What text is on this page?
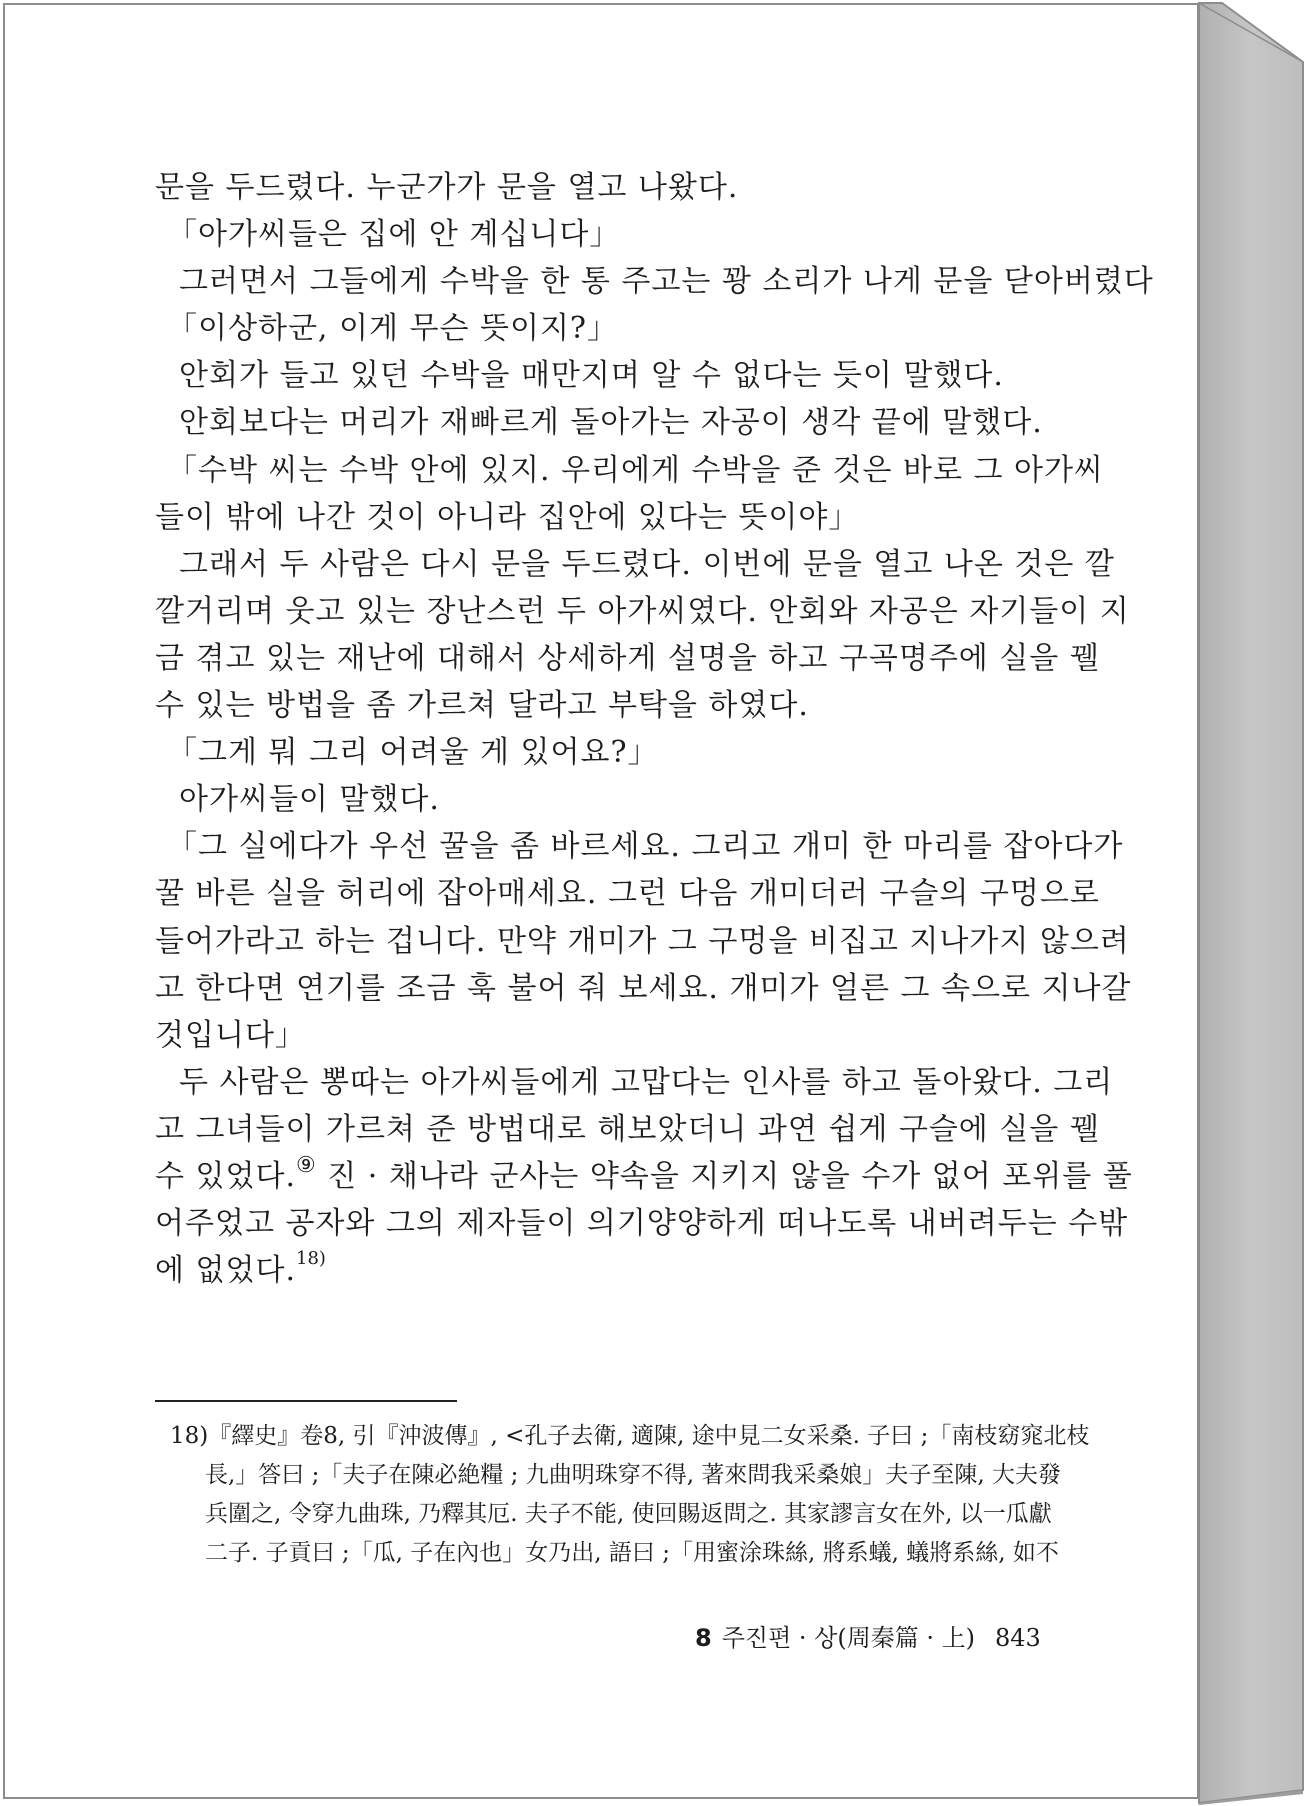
문을 두드렸다. 누군가가 문을 열고 나왔다.
「아가씨들은 집에 안 계십니다」
그러면서 그들에게 수박을 한 통 주고는 꽝 소리가 나게 문을 닫아버렸다
「이상하군, 이게 무슨 뜻이지?」
안회가 들고 있던 수박을 매만지며 알 수 없다는 듯이 말했다.
안회보다는 머리가 재빠르게 돌아가는 자공이 생각 끝에 말했다.
「수박 씨는 수박 안에 있지. 우리에게 수박을 준 것은 바로 그 아가씨
들이 밖에 나간 것이 아니라 집안에 있다는 뜻이야」
그래서 두 사람은 다시 문을 두드렸다. 이번에 문을 열고 나온 것은 깔
깔거리며 웃고 있는 장난스런 두 아가씨였다. 안회와 자공은 자기들이 지
금 겪고 있는 재난에 대해서 상세하게 설명을 하고 구곡명주에 실을 꿸
수 있는 방법을 좀 가르쳐 달라고 부탁을 하였다.
「그게 뭐 그리 어려울 게 있어요?」
아가씨들이 말했다.
「그 실에다가 우선 꿀을 좀 바르세요. 그리고 개미 한 마리를 잡아다가
꿀 바른 실을 허리에 잡아매세요. 그런 다음 개미더러 구슬의 구멍으로
들어가라고 하는 겁니다. 만약 개미가 그 구멍을 비집고 지나가지 않으려
고 한다면 연기를 조금 훅 불어 줘 보세요. 개미가 얼른 그 속으로 지나갈
것입니다」
두 사람은 뽕따는 아가씨들에게 고맙다는 인사를 하고 돌아왔다. 그리
고 그녀들이 가르쳐 준 방법대로 해보았더니 과연 쉽게 구슬에 실을 꿸
수 있었다.⑨ 진 · 채나라 군사는 약속을 지키지 않을 수가 없어 포위를 풀
어주었고 공자와 그의 제자들이 의기양양하게 떠나도록 내버려두는 수밖
에 없었다.$^{18)}$
18)『繹史』卷8, 引『沖波傳』, <孔子去衛, 適陳, 途中見二女采桑. 子曰 ;「南枝窈窕北枝
長,」答曰 ;「夫子在陳必絶糧 ; 九曲明珠穿不得, 著來問我采桑娘」夫子至陳, 大夫發
兵圍之, 令穿九曲珠, 乃釋其厄. 夫子不能, 使回賜返問之. 其家謬言女在外, 以一瓜獻
二子. 子貢曰 ;「瓜, 子在內也」女乃出, 語曰 ;「用蜜涂珠絲, 將系蟻, 蟻將系絲, 如不
8 주진편 · 상(周秦篇 · 上) 843
